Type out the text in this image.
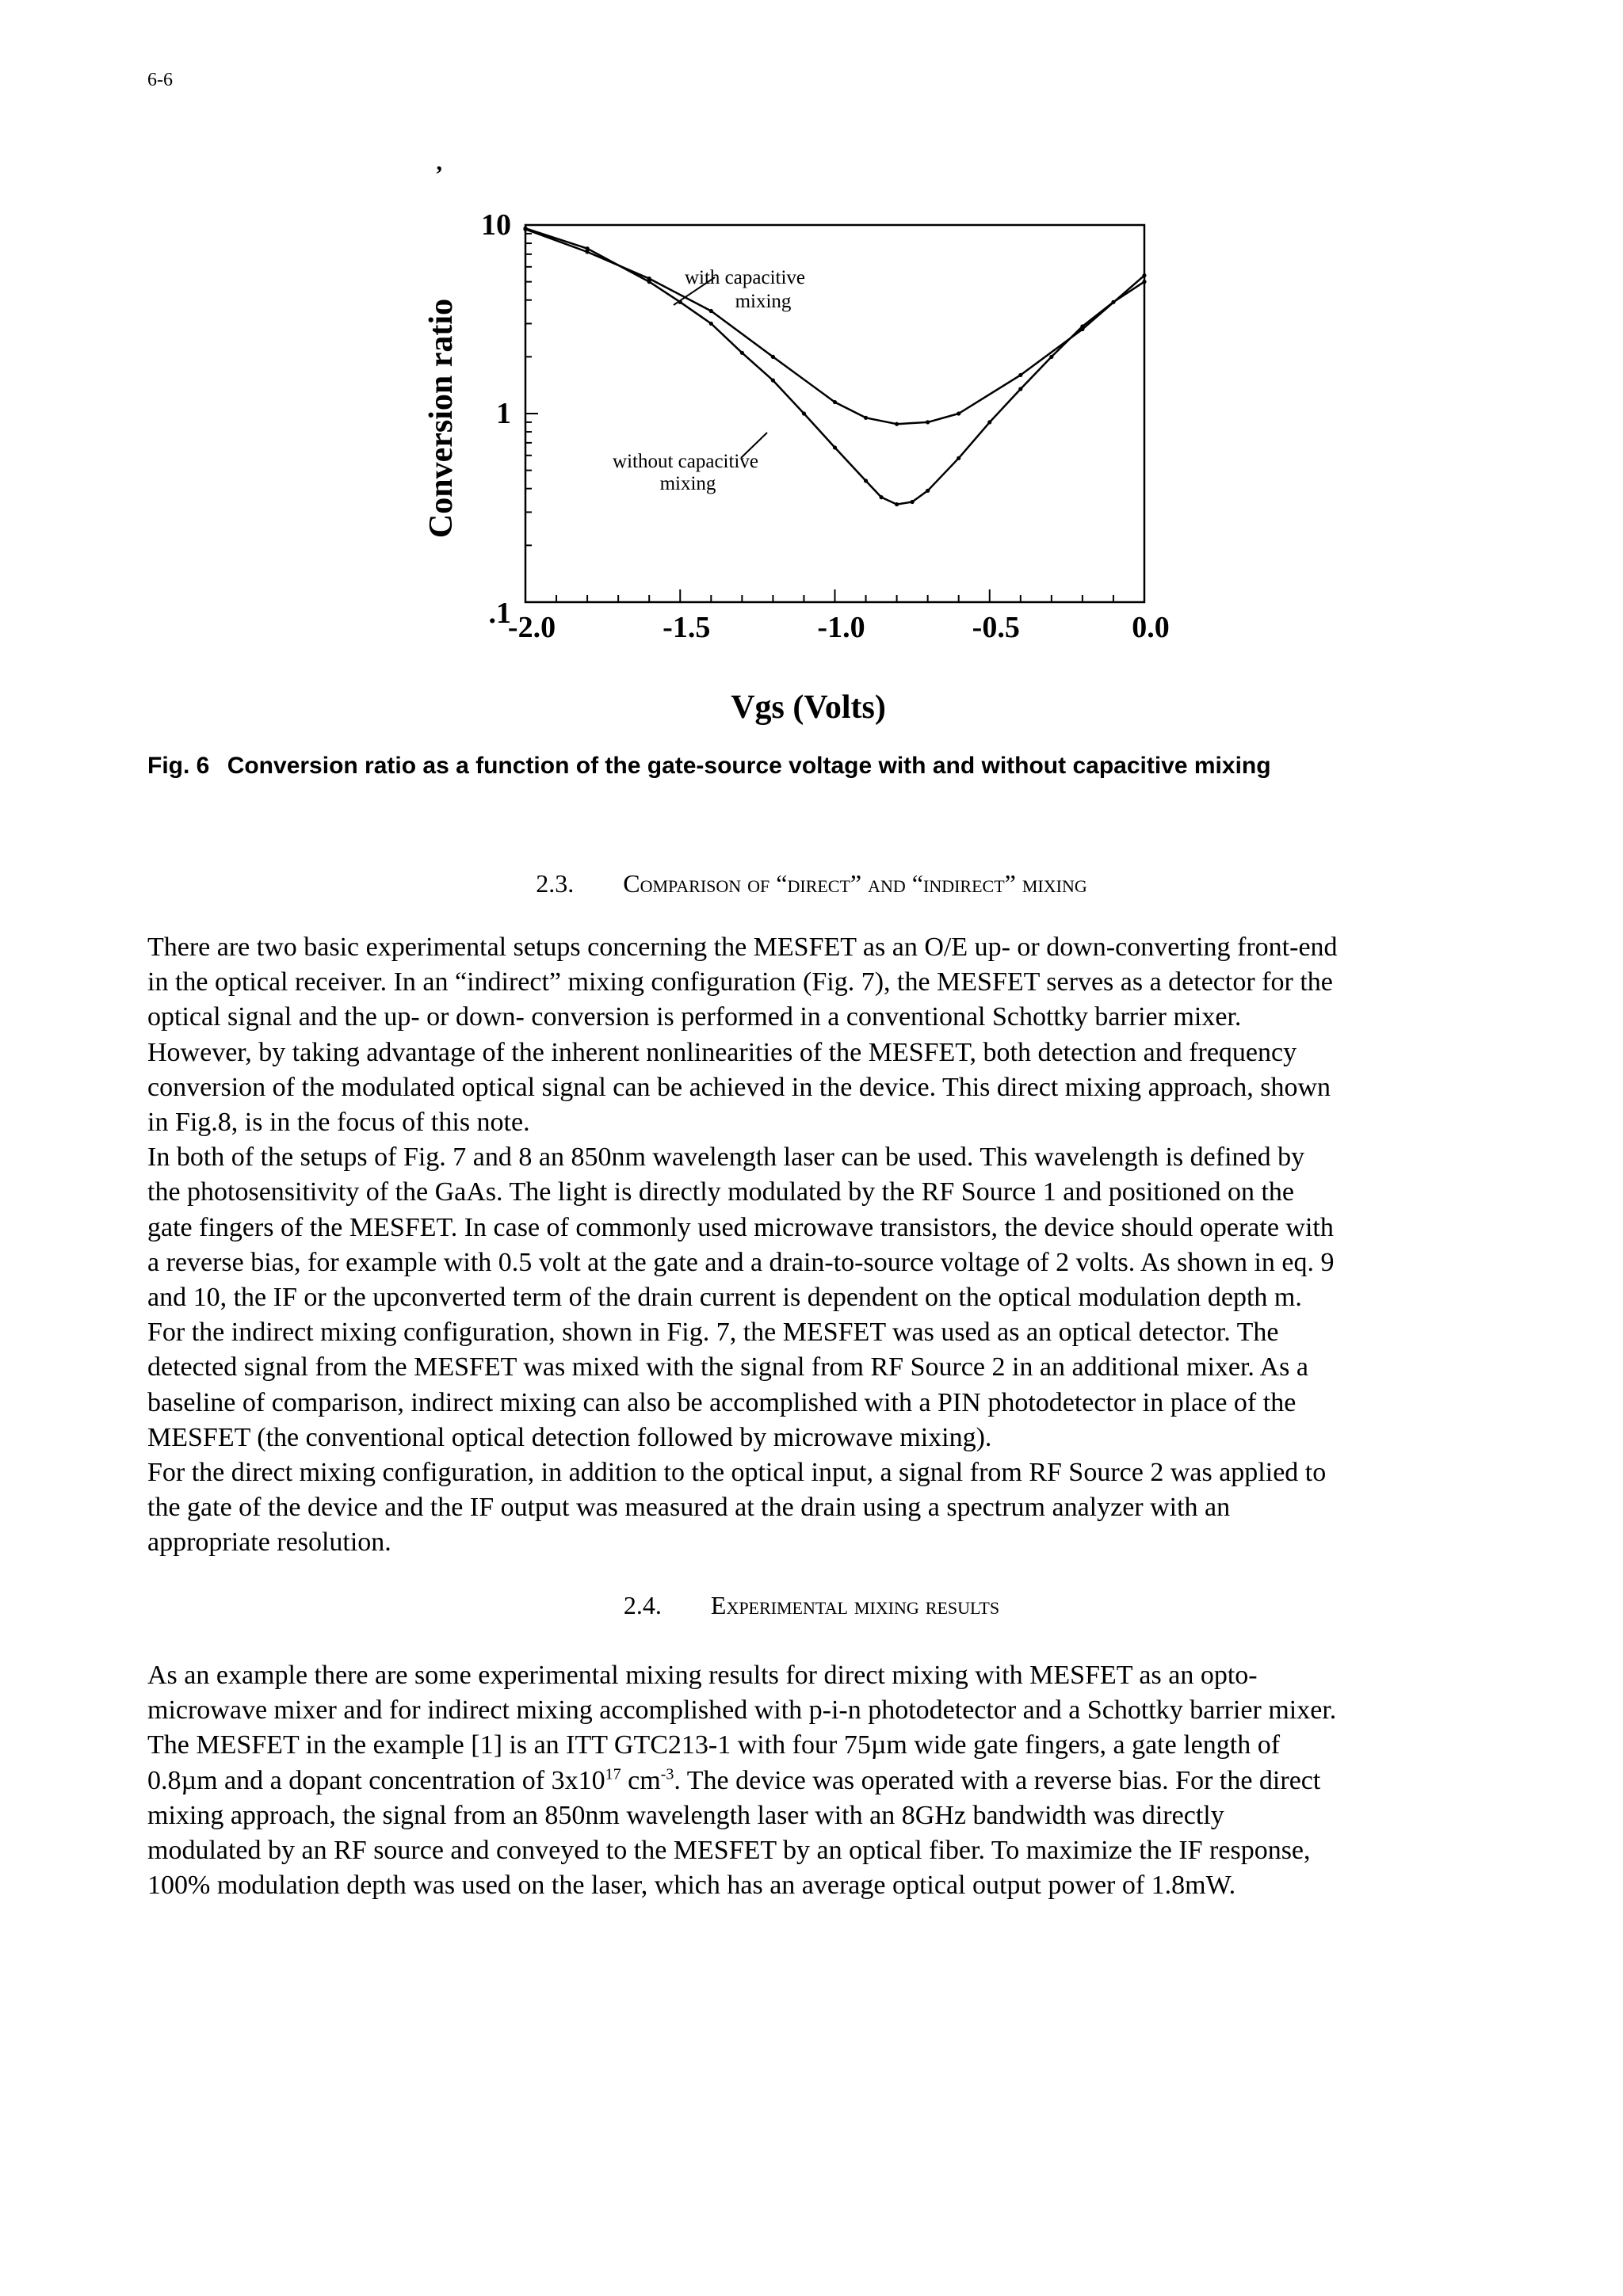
6-6
ʼ
-2.0	-1.5	-1.0	-0.5	0.0
10
1
.1
with capacitive
mixing
without capacitive
mixing
Conversion ratio
Vgs (Volts)
Fig. 6 Conversion ratio as a function of the gate-source voltage with and without capacitive mixing
2.3. Comparison of “direct” and “indirect” mixing
There are two basic experimental setups concerning the MESFET as an O/E up- or down-converting front-end
in the optical receiver. In an “indirect” mixing configuration (Fig. 7), the MESFET serves as a detector for the
optical signal and the up- or down- conversion is performed in a conventional Schottky barrier mixer.
However, by taking advantage of the inherent nonlinearities of the MESFET, both detection and frequency
conversion of the modulated optical signal can be achieved in the device. This direct mixing approach, shown
in Fig.8, is in the focus of this note.
In both of the setups of Fig. 7 and 8 an 850nm wavelength laser can be used. This wavelength is defined by
the photosensitivity of the GaAs. The light is directly modulated by the RF Source 1 and positioned on the
gate fingers of the MESFET. In case of commonly used microwave transistors, the device should operate with
a reverse bias, for example with 0.5 volt at the gate and a drain-to-source voltage of 2 volts. As shown in eq. 9
and 10, the IF or the upconverted term of the drain current is dependent on the optical modulation depth m.
For the indirect mixing configuration, shown in Fig. 7, the MESFET was used as an optical detector. The
detected signal from the MESFET was mixed with the signal from RF Source 2 in an additional mixer. As a
baseline of comparison, indirect mixing can also be accomplished with a PIN photodetector in place of the
MESFET (the conventional optical detection followed by microwave mixing).
For the direct mixing configuration, in addition to the optical input, a signal from RF Source 2 was applied to
the gate of the device and the IF output was measured at the drain using a spectrum analyzer with an
appropriate resolution.
2.4. Experimental mixing results
As an example there are some experimental mixing results for direct mixing with MESFET as an opto-
microwave mixer and for indirect mixing accomplished with p-i-n photodetector and a Schottky barrier mixer.
The MESFET in the example [1] is an ITT GTC213-1 with four 75µm wide gate fingers, a gate length of
0.8µm and a dopant concentration of $3x10^{17}$ $cm^{-3}$. The device was operated with a reverse bias. For the direct
mixing approach, the signal from an 850nm wavelength laser with an 8GHz bandwidth was directly
modulated by an RF source and conveyed to the MESFET by an optical fiber. To maximize the IF response,
100% modulation depth was used on the laser, which has an average optical output power of 1.8mW.
